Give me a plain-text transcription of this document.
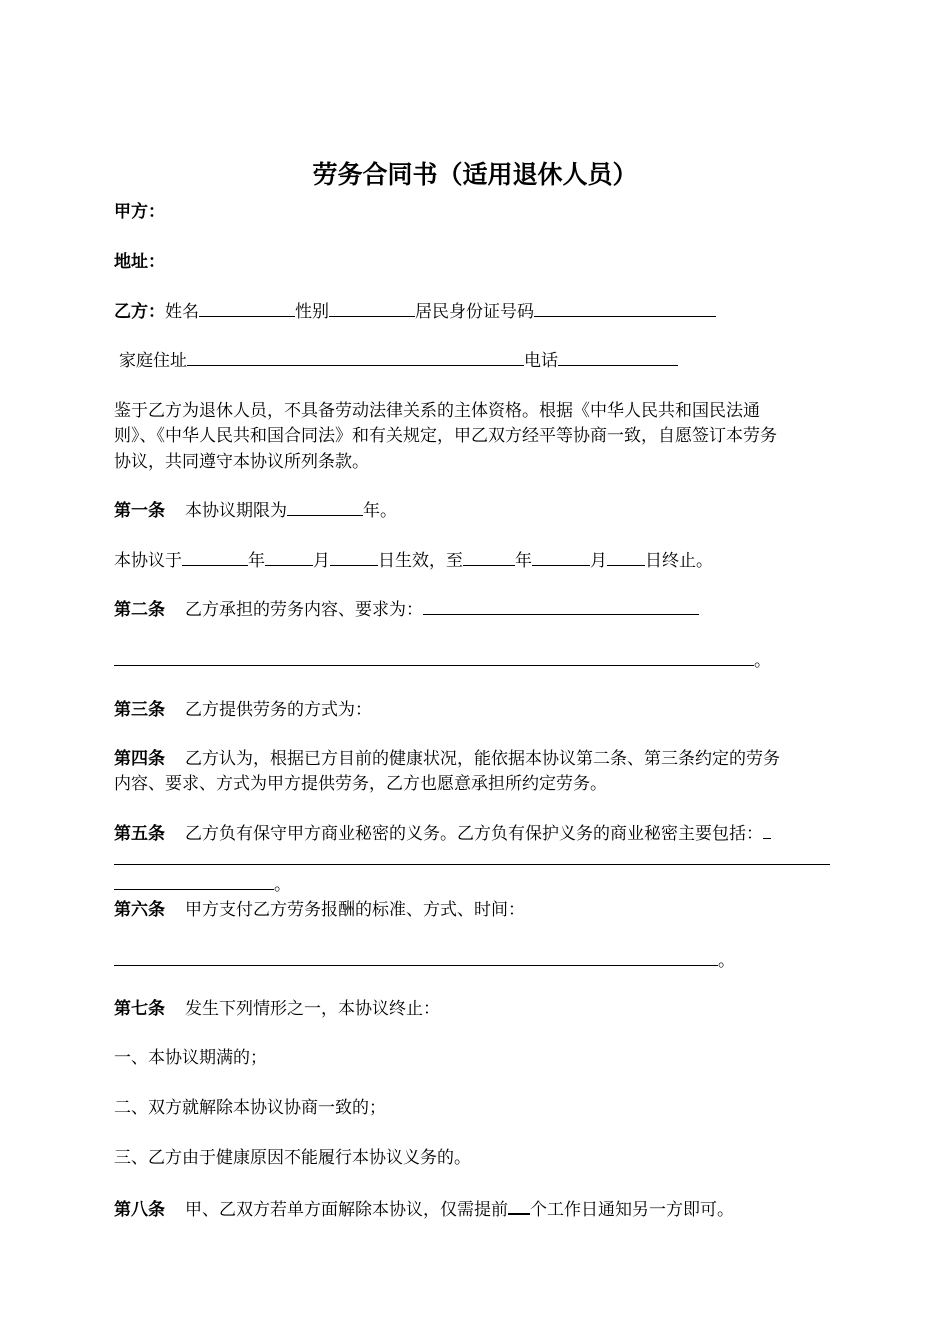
劳务合同书（适用退休人员）

甲方：

地址：

乙方：姓名	性别	居民身份证号码

家庭住址	电话

鉴于乙方为退休人员，不具备劳动法律关系的主体资格。根据《中华人民共和国民法通

则》、《中华人民共和国合同法》和有关规定，甲乙双方经平等协商一致，自愿签订本劳务

协议，共同遵守本协议所列条款。

第一条 本协议期限为	年。

本协议于	年	月	日生效，至	年	月 日终止。

第二条 乙方承担的劳务内容、要求为：

。

第三条 乙方提供劳务的方式为：

第四条 乙方认为，根据已方目前的健康状况，能依据本协议第二条、第三条约定的劳务

内容、要求、方式为甲方提供劳务，乙方也愿意承担所约定劳务。

第五条 乙方负有保守甲方商业秘密的义务。乙方负有保护义务的商业秘密主要包括：

。

第六条 甲方支付乙方劳务报酬的标准、方式、时间：

。

第七条 发生下列情形之一，本协议终止：

一、本协议期满的；

二、双方就解除本协议协商一致的；

三、乙方由于健康原因不能履行本协议义务的。

第八条 甲、乙双方若单方面解除本协议，仅需提前 个工作日通知另一方即可。
